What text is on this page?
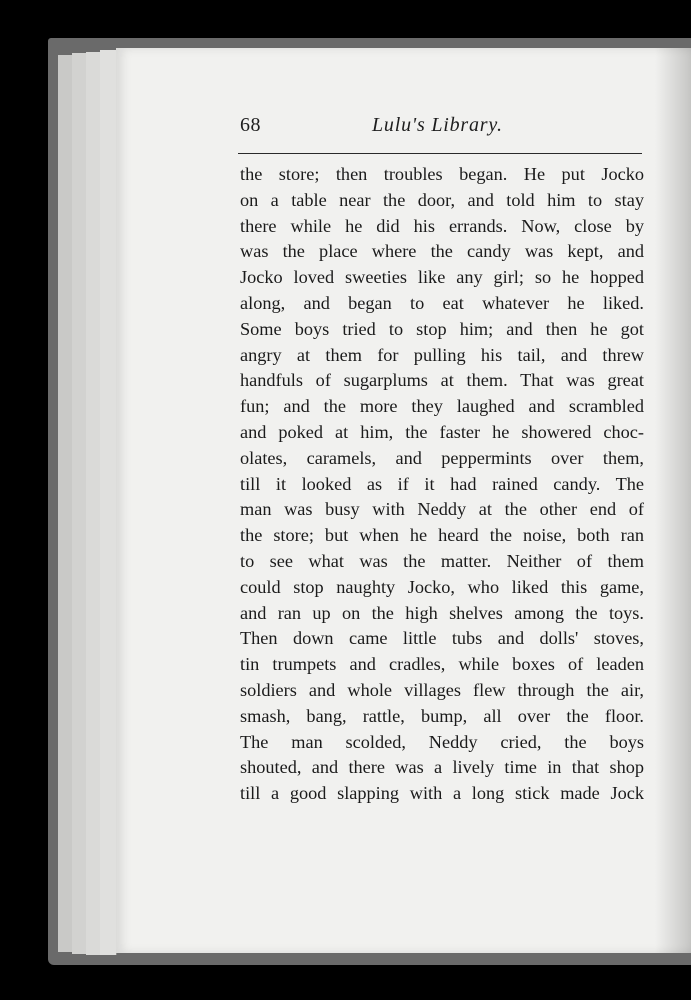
68	Lulu's Library.
the store; then troubles began. He put Jocko
on a table near the door, and told him to stay
there while he did his errands. Now, close by
was the place where the candy was kept, and
Jocko loved sweeties like any girl; so he hopped
along, and began to eat whatever he liked.
Some boys tried to stop him; and then he got
angry at them for pulling his tail, and threw
handfuls of sugarplums at them. That was great
fun; and the more they laughed and scrambled
and poked at him, the faster he showered choc-
olates, caramels, and peppermints over them,
till it looked as if it had rained candy. The
man was busy with Neddy at the other end of
the store; but when he heard the noise, both ran
to see what was the matter. Neither of them
could stop naughty Jocko, who liked this game,
and ran up on the high shelves among the toys.
Then down came little tubs and dolls' stoves,
tin trumpets and cradles, while boxes of leaden
soldiers and whole villages flew through the air,
smash, bang, rattle, bump, all over the floor.
The man scolded, Neddy cried, the boys
shouted, and there was a lively time in that shop
till a good slapping with a long stick made Jock
